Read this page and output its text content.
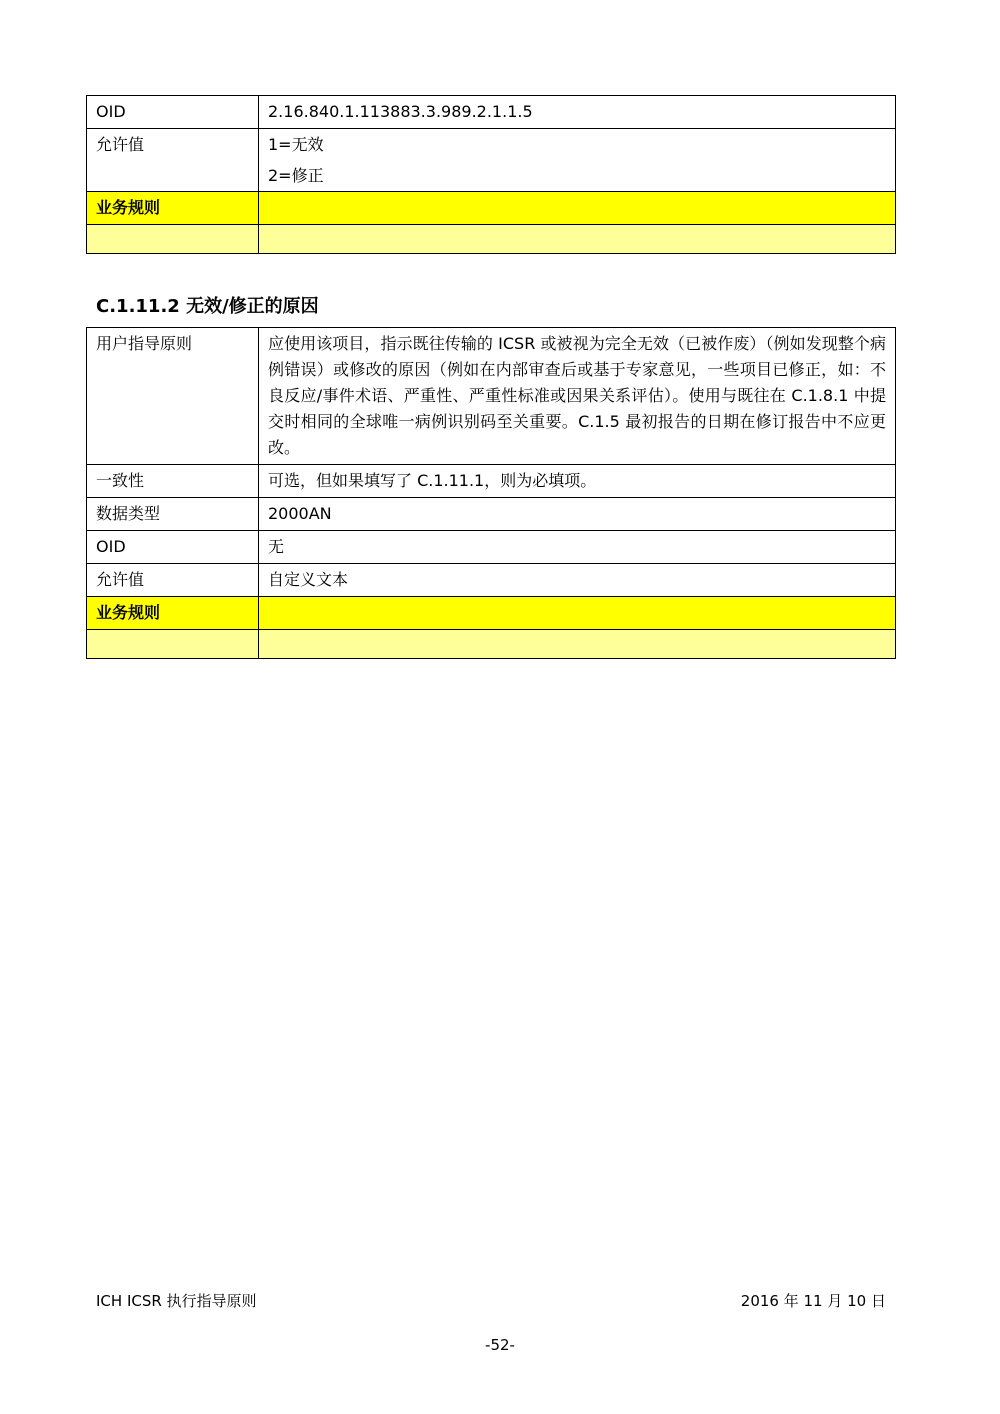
OID	2.16.840.1.113883.3.989.2.1.1.5
允许值	1=无效
2=修正

业务规则	

C.1.11.2 无效/修正的原因
用户指导原则	应使用该项目，指示既往传输的 ICSR 或被视为完全无效（已被作废）（例如发现整个病例错误）或修改的原因（例如在内部审查后或基于专家意见，一些项目已修正，如：不良反应/事件术语、严重性、严重性标准或因果关系评估）。使用与既往在 C.1.8.1 中提交时相同的全球唯一病例识别码至关重要。C.1.5 最初报告的日期在修订报告中不应更改。
一致性	可选，但如果填写了 C.1.11.1，则为必填项。
数据类型	2000AN
OID	无
允许值	自定义文本
业务规则	

ICH ICSR 执行指导原则	2016 年 11 月 10 日
-52-
